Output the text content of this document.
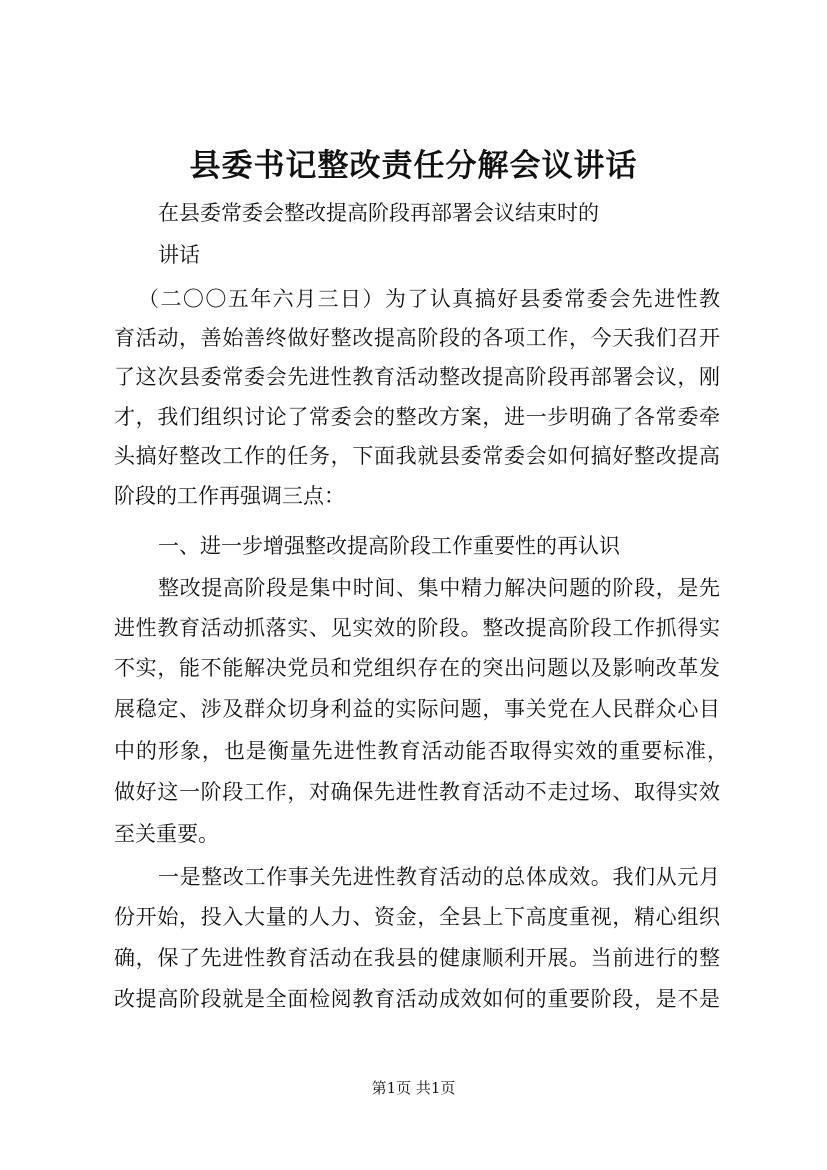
县委书记整改责任分解会议讲话
在县委常委会整改提高阶段再部署会议结束时的
讲话
（二〇〇五年六月三日）为了认真搞好县委常委会先进性教
育活动，善始善终做好整改提高阶段的各项工作，今天我们召开
了这次县委常委会先进性教育活动整改提高阶段再部署会议，刚
才，我们组织讨论了常委会的整改方案，进一步明确了各常委牵
头搞好整改工作的任务，下面我就县委常委会如何搞好整改提高
阶段的工作再强调三点：
一、进一步增强整改提高阶段工作重要性的再认识
整改提高阶段是集中时间、集中精力解决问题的阶段，是先
进性教育活动抓落实、见实效的阶段。整改提高阶段工作抓得实
不实，能不能解决党员和党组织存在的突出问题以及影响改革发
展稳定、涉及群众切身利益的实际问题，事关党在人民群众心目
中的形象，也是衡量先进性教育活动能否取得实效的重要标准，
做好这一阶段工作，对确保先进性教育活动不走过场、取得实效
至关重要。
一是整改工作事关先进性教育活动的总体成效。我们从元月
份开始，投入大量的人力、资金，全县上下高度重视，精心组织
确，保了先进性教育活动在我县的健康顺利开展。当前进行的整
改提高阶段就是全面检阅教育活动成效如何的重要阶段，是不是
第1页 共1页
